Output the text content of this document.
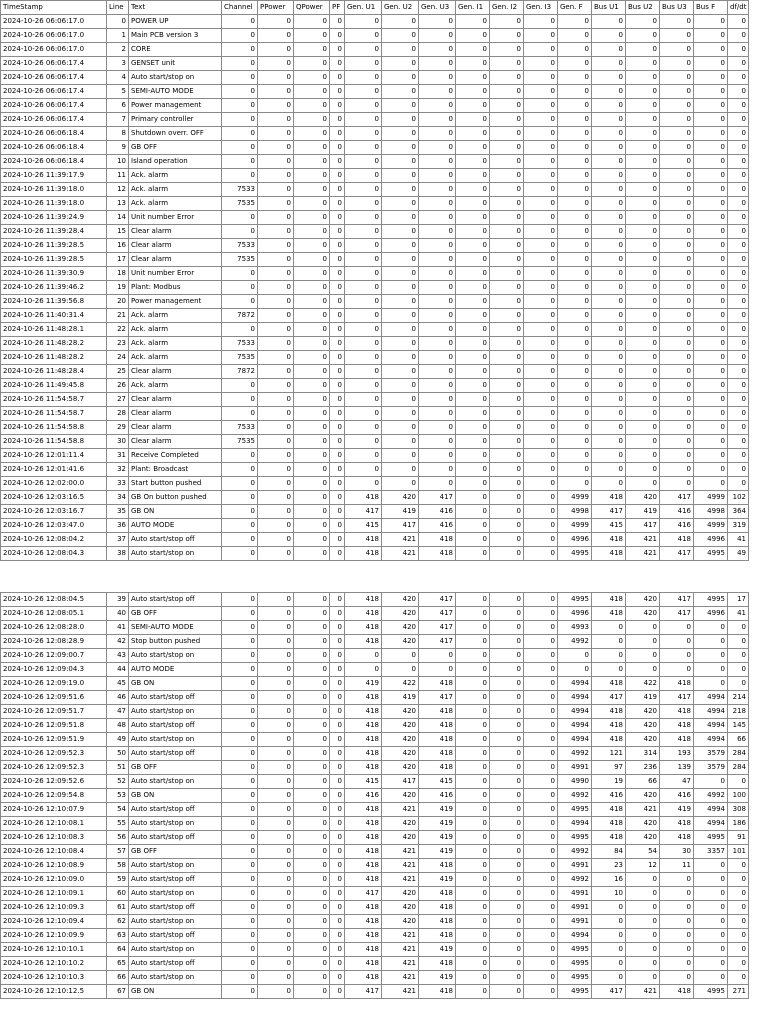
TimeStamp	Line	Text	Channel	PPower	QPower	PF	Gen. U1	Gen. U2	Gen. U3	Gen. I1	Gen. I2	Gen. I3	Gen. F	Bus U1	Bus U2	Bus U3	Bus F	df/dt
2024-10-26 06:06:17.0	0	POWER UP	0	0	0	0	0	0	0	0	0	0	0	0	0	0	0	0
2024-10-26 06:06:17.0	1	Main PCB version 3	0	0	0	0	0	0	0	0	0	0	0	0	0	0	0	0
2024-10-26 06:06:17.0	2	CORE	0	0	0	0	0	0	0	0	0	0	0	0	0	0	0	0
2024-10-26 06:06:17.4	3	GENSET unit	0	0	0	0	0	0	0	0	0	0	0	0	0	0	0	0
2024-10-26 06:06:17.4	4	Auto start/stop on	0	0	0	0	0	0	0	0	0	0	0	0	0	0	0	0
2024-10-26 06:06:17.4	5	SEMI-AUTO MODE	0	0	0	0	0	0	0	0	0	0	0	0	0	0	0	0
2024-10-26 06:06:17.4	6	Power management	0	0	0	0	0	0	0	0	0	0	0	0	0	0	0	0
2024-10-26 06:06:17.4	7	Primary controller	0	0	0	0	0	0	0	0	0	0	0	0	0	0	0	0
2024-10-26 06:06:18.4	8	Shutdown overr. OFF	0	0	0	0	0	0	0	0	0	0	0	0	0	0	0	0
2024-10-26 06:06:18.4	9	GB OFF	0	0	0	0	0	0	0	0	0	0	0	0	0	0	0	0
2024-10-26 06:06:18.4	10	Island operation	0	0	0	0	0	0	0	0	0	0	0	0	0	0	0	0
2024-10-26 11:39:17.9	11	Ack. alarm	0	0	0	0	0	0	0	0	0	0	0	0	0	0	0	0
2024-10-26 11:39:18.0	12	Ack. alarm	7533	0	0	0	0	0	0	0	0	0	0	0	0	0	0	0
2024-10-26 11:39:18.0	13	Ack. alarm	7535	0	0	0	0	0	0	0	0	0	0	0	0	0	0	0
2024-10-26 11:39:24.9	14	Unit number Error	0	0	0	0	0	0	0	0	0	0	0	0	0	0	0	0
2024-10-26 11:39:28.4	15	Clear alarm	0	0	0	0	0	0	0	0	0	0	0	0	0	0	0	0
2024-10-26 11:39:28.5	16	Clear alarm	7533	0	0	0	0	0	0	0	0	0	0	0	0	0	0	0
2024-10-26 11:39:28.5	17	Clear alarm	7535	0	0	0	0	0	0	0	0	0	0	0	0	0	0	0
2024-10-26 11:39:30.9	18	Unit number Error	0	0	0	0	0	0	0	0	0	0	0	0	0	0	0	0
2024-10-26 11:39:46.2	19	Plant: Modbus	0	0	0	0	0	0	0	0	0	0	0	0	0	0	0	0
2024-10-26 11:39:56.8	20	Power management	0	0	0	0	0	0	0	0	0	0	0	0	0	0	0	0
2024-10-26 11:40:31.4	21	Ack. alarm	7872	0	0	0	0	0	0	0	0	0	0	0	0	0	0	0
2024-10-26 11:48:28.1	22	Ack. alarm	0	0	0	0	0	0	0	0	0	0	0	0	0	0	0	0
2024-10-26 11:48:28.2	23	Ack. alarm	7533	0	0	0	0	0	0	0	0	0	0	0	0	0	0	0
2024-10-26 11:48:28.2	24	Ack. alarm	7535	0	0	0	0	0	0	0	0	0	0	0	0	0	0	0
2024-10-26 11:48:28.4	25	Clear alarm	7872	0	0	0	0	0	0	0	0	0	0	0	0	0	0	0
2024-10-26 11:49:45.8	26	Ack. alarm	0	0	0	0	0	0	0	0	0	0	0	0	0	0	0	0
2024-10-26 11:54:58.7	27	Clear alarm	0	0	0	0	0	0	0	0	0	0	0	0	0	0	0	0
2024-10-26 11:54:58.7	28	Clear alarm	0	0	0	0	0	0	0	0	0	0	0	0	0	0	0	0
2024-10-26 11:54:58.8	29	Clear alarm	7533	0	0	0	0	0	0	0	0	0	0	0	0	0	0	0
2024-10-26 11:54:58.8	30	Clear alarm	7535	0	0	0	0	0	0	0	0	0	0	0	0	0	0	0
2024-10-26 12:01:11.4	31	Receive Completed	0	0	0	0	0	0	0	0	0	0	0	0	0	0	0	0
2024-10-26 12:01:41.6	32	Plant: Broadcast	0	0	0	0	0	0	0	0	0	0	0	0	0	0	0	0
2024-10-26 12:02:00.0	33	Start button pushed	0	0	0	0	0	0	0	0	0	0	0	0	0	0	0	0
2024-10-26 12:03:16.5	34	GB On button pushed	0	0	0	0	418	420	417	0	0	0	4999	418	420	417	4999	102
2024-10-26 12:03:16.7	35	GB ON	0	0	0	0	417	419	416	0	0	0	4998	417	419	416	4998	364
2024-10-26 12:03:47.0	36	AUTO MODE	0	0	0	0	415	417	416	0	0	0	4999	415	417	416	4999	319
2024-10-26 12:08:04.2	37	Auto start/stop off	0	0	0	0	418	421	418	0	0	0	4996	418	421	418	4996	41
2024-10-26 12:08:04.3	38	Auto start/stop on	0	0	0	0	418	421	418	0	0	0	4995	418	421	417	4995	49
2024-10-26 12:08:04.5	39	Auto start/stop off	0	0	0	0	418	420	417	0	0	0	4995	418	420	417	4995	17
2024-10-26 12:08:05.1	40	GB OFF	0	0	0	0	418	420	417	0	0	0	4996	418	420	417	4996	41
2024-10-26 12:08:28.0	41	SEMI-AUTO MODE	0	0	0	0	418	420	417	0	0	0	4993	0	0	0	0	0
2024-10-26 12:08:28.9	42	Stop button pushed	0	0	0	0	418	420	417	0	0	0	4992	0	0	0	0	0
2024-10-26 12:09:00.7	43	Auto start/stop on	0	0	0	0	0	0	0	0	0	0	0	0	0	0	0	0
2024-10-26 12:09:04.3	44	AUTO MODE	0	0	0	0	0	0	0	0	0	0	0	0	0	0	0	0
2024-10-26 12:09:19.0	45	GB ON	0	0	0	0	419	422	418	0	0	0	4994	418	422	418	0	0
2024-10-26 12:09:51.6	46	Auto start/stop off	0	0	0	0	418	419	417	0	0	0	4994	417	419	417	4994	214
2024-10-26 12:09:51.7	47	Auto start/stop on	0	0	0	0	418	420	418	0	0	0	4994	418	420	418	4994	218
2024-10-26 12:09:51.8	48	Auto start/stop off	0	0	0	0	418	420	418	0	0	0	4994	418	420	418	4994	145
2024-10-26 12:09:51.9	49	Auto start/stop on	0	0	0	0	418	420	418	0	0	0	4994	418	420	418	4994	66
2024-10-26 12:09:52.3	50	Auto start/stop off	0	0	0	0	418	420	418	0	0	0	4992	121	314	193	3579	284
2024-10-26 12:09:52.3	51	GB OFF	0	0	0	0	418	420	418	0	0	0	4991	97	236	139	3579	284
2024-10-26 12:09:52.6	52	Auto start/stop on	0	0	0	0	415	417	415	0	0	0	4990	19	66	47	0	0
2024-10-26 12:09:54.8	53	GB ON	0	0	0	0	416	420	416	0	0	0	4992	416	420	416	4992	100
2024-10-26 12:10:07.9	54	Auto start/stop off	0	0	0	0	418	421	419	0	0	0	4995	418	421	419	4994	308
2024-10-26 12:10:08.1	55	Auto start/stop on	0	0	0	0	418	420	419	0	0	0	4994	418	420	418	4994	186
2024-10-26 12:10:08.3	56	Auto start/stop off	0	0	0	0	418	420	419	0	0	0	4995	418	420	418	4995	91
2024-10-26 12:10:08.4	57	GB OFF	0	0	0	0	418	421	419	0	0	0	4992	84	54	30	3357	101
2024-10-26 12:10:08.9	58	Auto start/stop on	0	0	0	0	418	421	418	0	0	0	4991	23	12	11	0	0
2024-10-26 12:10:09.0	59	Auto start/stop off	0	0	0	0	418	421	419	0	0	0	4992	16	0	0	0	0
2024-10-26 12:10:09.1	60	Auto start/stop on	0	0	0	0	417	420	418	0	0	0	4991	10	0	0	0	0
2024-10-26 12:10:09.3	61	Auto start/stop off	0	0	0	0	418	420	418	0	0	0	4991	0	0	0	0	0
2024-10-26 12:10:09.4	62	Auto start/stop on	0	0	0	0	418	420	418	0	0	0	4991	0	0	0	0	0
2024-10-26 12:10:09.9	63	Auto start/stop off	0	0	0	0	418	421	418	0	0	0	4994	0	0	0	0	0
2024-10-26 12:10:10.1	64	Auto start/stop on	0	0	0	0	418	421	419	0	0	0	4995	0	0	0	0	0
2024-10-26 12:10:10.2	65	Auto start/stop off	0	0	0	0	418	421	418	0	0	0	4995	0	0	0	0	0
2024-10-26 12:10:10.3	66	Auto start/stop on	0	0	0	0	418	421	419	0	0	0	4995	0	0	0	0	0
2024-10-26 12:10:12.5	67	GB ON	0	0	0	0	417	421	418	0	0	0	4995	417	421	418	4995	271
